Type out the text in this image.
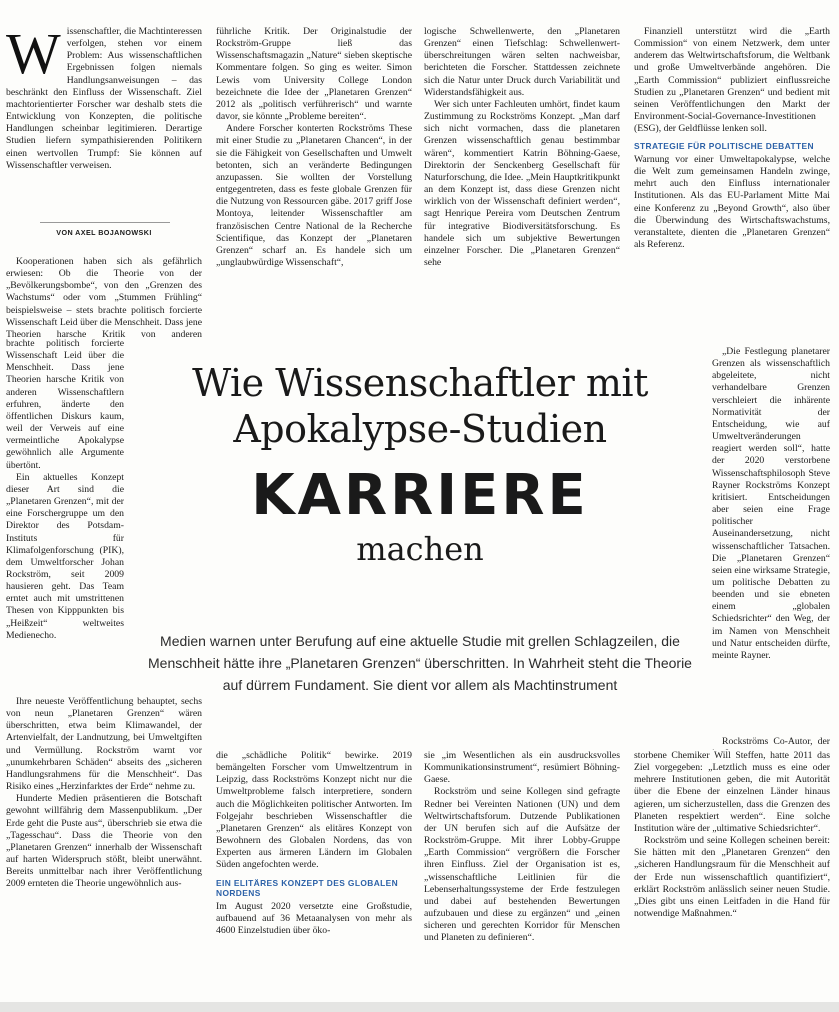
W issenschaftler, die Machtinteressen verfolgen, stehen vor einem Problem: Aus wissenschaftlichen Ergebnissen folgen niemals Handlungsanweisungen – das beschränkt den Einfluss der Wissenschaft. Ziel machtorientierter Forscher war deshalb stets die Entwicklung von Konzepten, die politische Handlungen scheinbar legitimieren. Derartige Studien liefern sympathisierenden Politikern einen wertvollen Trumpf: Sie können auf Wissenschaftler verweisen.

VON AXEL BOJANOWSKI

Kooperationen haben sich als gefährlich erwiesen: Ob die Theorie von der „Bevölkerungsbombe“, von den „Grenzen des Wachstums“ oder vom „Stummen Frühling“ beispielsweise – stets brachte politisch forcierte Wissenschaft Leid über die Menschheit. Dass jene Theorien harsche Kritik von anderen

brachte politisch forcierte Wissenschaft Leid über die Menschheit. Dass jene Theorien harsche Kritik von anderen Wissenschaftlern erfuhren, änderte den öffentlichen Diskurs kaum, weil der Verweis auf eine vermeintliche Apokalypse gewöhnlich alle Argumente übertönt.

Ein aktuelles Konzept dieser Art sind die „Planetaren Grenzen“, mit der eine Forschergruppe um den Direktor des Potsdam-Instituts für Klimafolgenforschung (PIK), dem Umweltforscher Johan Rockström, seit 2009 hausieren geht. Das Team erntet auch mit umstrittenen Thesen von Kipppunkten bis „Heißzeit“ weltweites Medienecho.

Ihre neueste Veröffentlichung behauptet, sechs von neun „Planetaren Grenzen“ wären überschritten, etwa beim Klimawandel, der Artenvielfalt, der Landnutzung, bei Umweltgiften und Vermüllung. Rockström warnt vor „unumkehrbaren Schäden“ abseits des „sicheren Handlungsrahmens für die Menschheit“. Das Risiko eines „Herzinfarktes der Erde“ nehme zu.

Hunderte Medien präsentieren die Botschaft gewohnt willfährig dem Massenpublikum. „Der Erde geht die Puste aus“, überschrieb sie etwa die „Tagesschau“. Dass die Theorie von den „Planetaren Grenzen“ innerhalb der Wissenschaft auf harten Widerspruch stößt, bleibt unerwähnt. Bereits unmittelbar nach ihrer Veröffentlichung 2009 ernteten die Theorie ungewöhnlich aus-

führliche Kritik. Der Originalstudie der Rockström-Gruppe ließ das Wissenschaftsmagazin „Nature“ sieben skeptische Kommentare folgen. So ging es weiter. Simon Lewis vom University College London bezeichnete die Idee der „Planetaren Grenzen“ 2012 als „politisch verführerisch“ und warnte davor, sie könnte „Probleme bereiten“.

Andere Forscher konterten Rockströms These mit einer Studie zu „Planetaren Chancen“, in der sie die Fähigkeit von Gesellschaften und Umwelt betonten, sich an veränderte Bedingungen anzupassen. Sie wollten der Vorstellung entgegentreten, dass es feste globale Grenzen für die Nutzung von Ressourcen gäbe. 2017 griff Jose Montoya, leitender Wissenschaftler am französischen Centre National de la Recherche Scientifique, das Konzept der „Planetaren Grenzen“ scharf an. Es handele sich um „unglaubwürdige Wissenschaft“,

logische Schwellenwerte, den „Planetaren Grenzen“ einen Tiefschlag: Schwellenwert-überschreitungen wären selten nachweisbar, berichteten die Forscher. Stattdessen zeichnete sich die Natur unter Druck durch Variabilität und Widerstandsfähigkeit aus.

Wer sich unter Fachleuten umhört, findet kaum Zustimmung zu Rockströms Konzept. „Man darf sich nicht vormachen, dass die planetaren Grenzen wissenschaftlich genau bestimmbar wären“, kommentiert Katrin Böhning-Gaese, Direktorin der Senckenberg Gesellschaft für Naturforschung, die Idee. „Mein Hauptkritikpunkt an dem Konzept ist, dass diese Grenzen nicht wirklich von der Wissenschaft definiert werden“, sagt Henrique Pereira vom Deutschen Zentrum für integrative Biodiversitätsforschung. Es handele sich um subjektive Bewertungen einzelner Forscher. Die „Planetaren Grenzen“ sehe

Finanziell unterstützt wird die „Earth Commission“ von einem Netzwerk, dem unter anderem das Weltwirtschaftsforum, die Weltbank und große Umweltverbände angehören. Die „Earth Commission“ publiziert einflussreiche Studien zu „Planetaren Grenzen“ und bedient mit seinen Veröffentlichungen den Markt der Environment-Social-Governance-Investitionen (ESG), der Geldflüsse lenken soll.

STRATEGIE FÜR POLITISCHE DEBATTEN

Warnung vor einer Umweltapokalypse, welche die Welt zum gemeinsamen Handeln zwinge, mehrt auch den Einfluss internationaler Institutionen. Als das EU-Parlament Mitte Mai eine Konferenz zu „Beyond Growth“, also über die Überwindung des Wirtschaftswachstums, veranstaltete, dienten die „Planetaren Grenzen“ als Referenz.

„Die Festlegung planetarer Grenzen als wissenschaftlich abgeleitete, nicht verhandelbare Grenzen verschleiert die inhärente Normativität der Entscheidung, wie auf Umweltveränderungen reagiert werden soll“, hatte der 2020 verstorbene Wissenschaftsphilosoph Steve Rayner Rockströms Konzept kritisiert. Entscheidungen aber seien eine Frage politischer Auseinandersetzung, nicht wissenschaftlicher Tatsachen. Die „Planetaren Grenzen“ seien eine wirksame Strategie, um politische Debatten zu beenden und sie ebneten einem „globalen Schiedsrichter“ den Weg, der im Namen von Menschheit und Natur entscheiden dürfte, meinte Rayner.

Rockströms Co-Autor, der

Wie Wissenschaftler mit
Apokalypse-Studien
KARRIERE
machen
Medien warnen unter Berufung auf eine aktuelle Studie mit grellen Schlagzeilen, die Menschheit hätte ihre „Planetaren Grenzen“ überschritten. In Wahrheit steht die Theorie auf dürrem Fundament. Sie dient vor allem als Machtinstrument

die „schädliche Politik“ bewirke. 2019 bemängelten Forscher vom Umweltzentrum in Leipzig, dass Rockströms Konzept nicht nur die Umweltprobleme falsch interpretiere, sondern auch die Möglichkeiten politischer Antworten. Im Folgejahr beschrieben Wissenschaftler die „Planetaren Grenzen“ als elitäres Konzept von Bewohnern des Globalen Nordens, das von Experten aus ärmeren Ländern im Globalen Süden angefochten werde.

EIN ELITÄRES KONZEPT DES GLOBALEN NORDENS

Im August 2020 versetzte eine Großstudie, aufbauend auf 36 Metaanalysen von mehr als 4600 Einzelstudien über öko-

sie „im Wesentlichen als ein ausdrucksvolles Kommunikationsinstrument“, resümiert Böhning-Gaese.

Rockström und seine Kollegen sind gefragte Redner bei Vereinten Nationen (UN) und dem Weltwirtschaftsforum. Dutzende Publikationen der UN berufen sich auf die Aufsätze der Rockström-Gruppe. Mit ihrer Lobby-Gruppe „Earth Commission“ vergrößern die Forscher ihren Einfluss. Ziel der Organisation ist es, „wissenschaftliche Leitlinien für die Lebenserhaltungssysteme der Erde festzulegen und dabei auf bestehenden Bewertungen aufzubauen und diese zu ergänzen“ und „einen sicheren und gerechten Korridor für Menschen und Planeten zu definieren“.

storbene Chemiker Will Steffen, hatte 2011 das Ziel vorgegeben: „Letztlich muss es eine oder mehrere Institutionen geben, die mit Autorität über die Ebene der einzelnen Länder hinaus agieren, um sicherzustellen, dass die Grenzen des Planeten respektiert werden“. Eine solche Institution wäre der „ultimative Schiedsrichter“.

Rockström und seine Kollegen scheinen bereit: Sie hätten mit den „Planetaren Grenzen“ den „sicheren Handlungsraum für die Menschheit auf der Erde nun wissenschaftlich quantifiziert“, erklärt Rockström anlässlich seiner neuen Studie. „Dies gibt uns einen Leitfaden in die Hand für notwendige Maßnahmen.“
